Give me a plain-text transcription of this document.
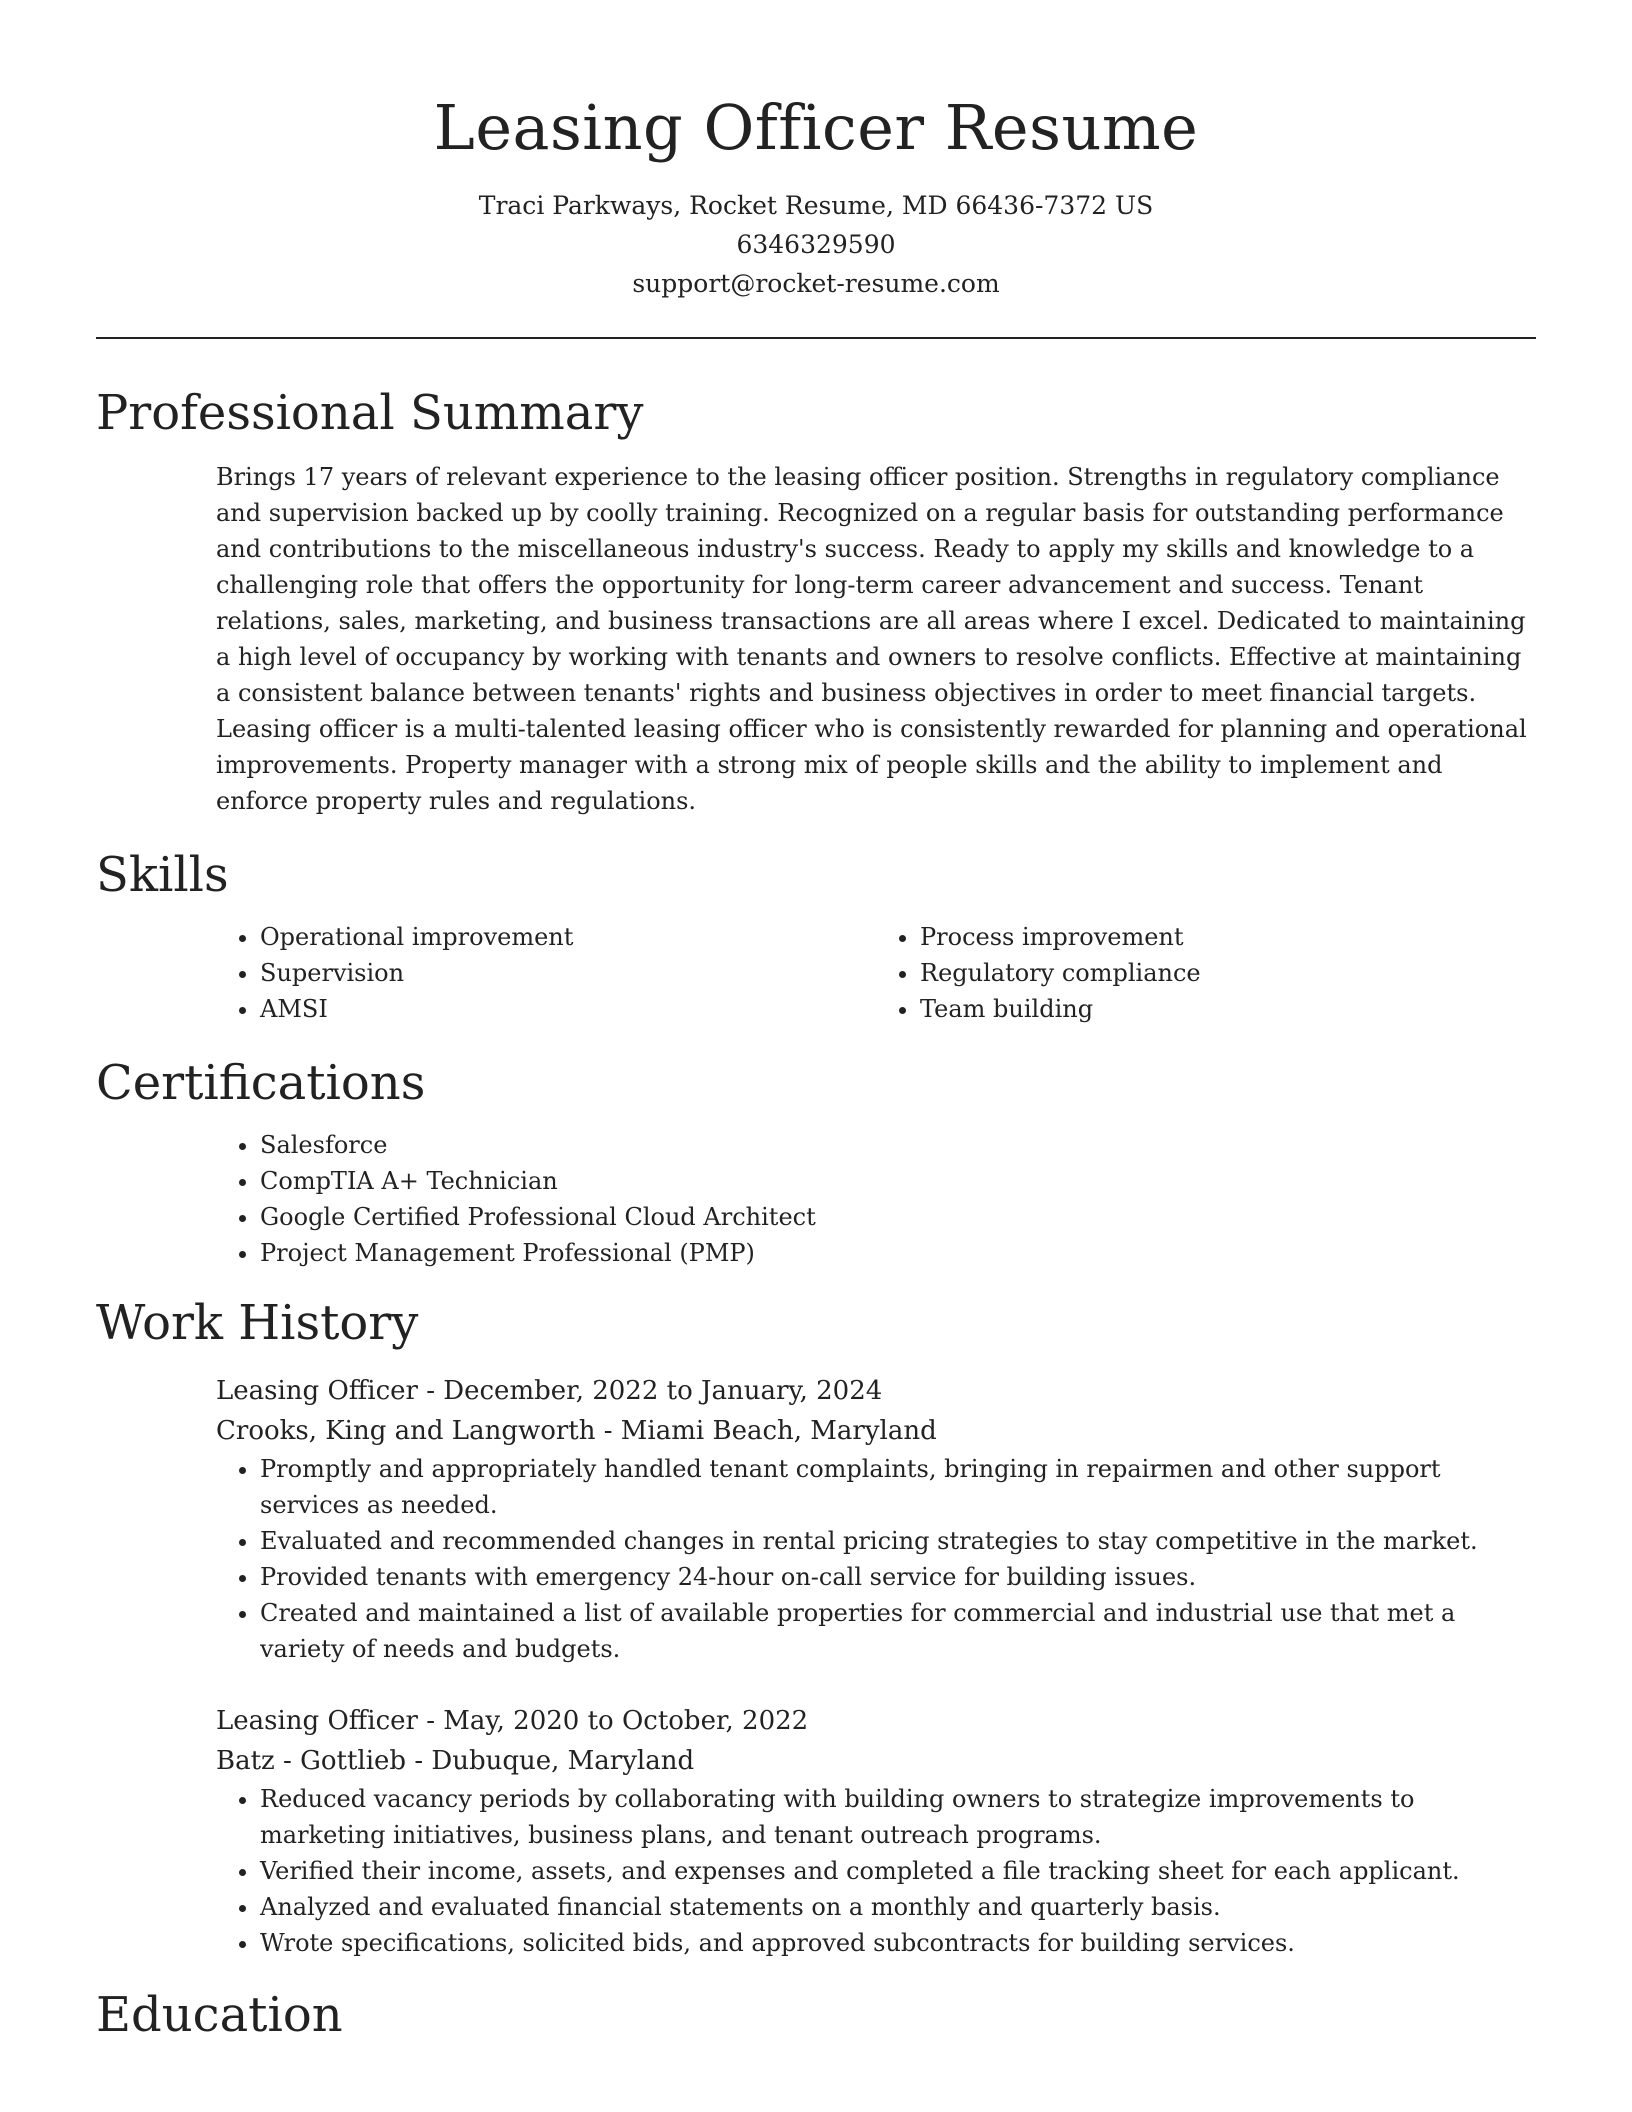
Leasing Officer Resume

Traci Parkways, Rocket Resume, MD 66436-7372 US

6346329590

support@rocket-resume.com

Professional Summary

Brings 17 years of relevant experience to the leasing officer position. Strengths in regulatory compliance and supervision backed up by coolly training. Recognized on a regular basis for outstanding performance and contributions to the miscellaneous industry's success. Ready to apply my skills and knowledge to a challenging role that offers the opportunity for long-term career advancement and success. Tenant relations, sales, marketing, and business transactions are all areas where I excel. Dedicated to maintaining a high level of occupancy by working with tenants and owners to resolve conflicts. Effective at maintaining a consistent balance between tenants' rights and business objectives in order to meet financial targets. Leasing officer is a multi-talented leasing officer who is consistently rewarded for planning and operational improvements. Property manager with a strong mix of people skills and the ability to implement and enforce property rules and regulations.

Skills
• Operational improvement
• Supervision
• AMSI
• Process improvement
• Regulatory compliance
• Team building
Certifications
• Salesforce
• CompTIA A+ Technician
• Google Certified Professional Cloud Architect
• Project Management Professional (PMP)
Work History

Leasing Officer - December, 2022 to January, 2024

Crooks, King and Langworth - Miami Beach, Maryland

• Promptly and appropriately handled tenant complaints, bringing in repairmen and other support services as needed.
• Evaluated and recommended changes in rental pricing strategies to stay competitive in the market.
• Provided tenants with emergency 24-hour on-call service for building issues.
• Created and maintained a list of available properties for commercial and industrial use that met a variety of needs and budgets.

Leasing Officer - May, 2020 to October, 2022

Batz - Gottlieb - Dubuque, Maryland

• Reduced vacancy periods by collaborating with building owners to strategize improvements to marketing initiatives, business plans, and tenant outreach programs.
• Verified their income, assets, and expenses and completed a file tracking sheet for each applicant.
• Analyzed and evaluated financial statements on a monthly and quarterly basis.
• Wrote specifications, solicited bids, and approved subcontracts for building services.
Education
